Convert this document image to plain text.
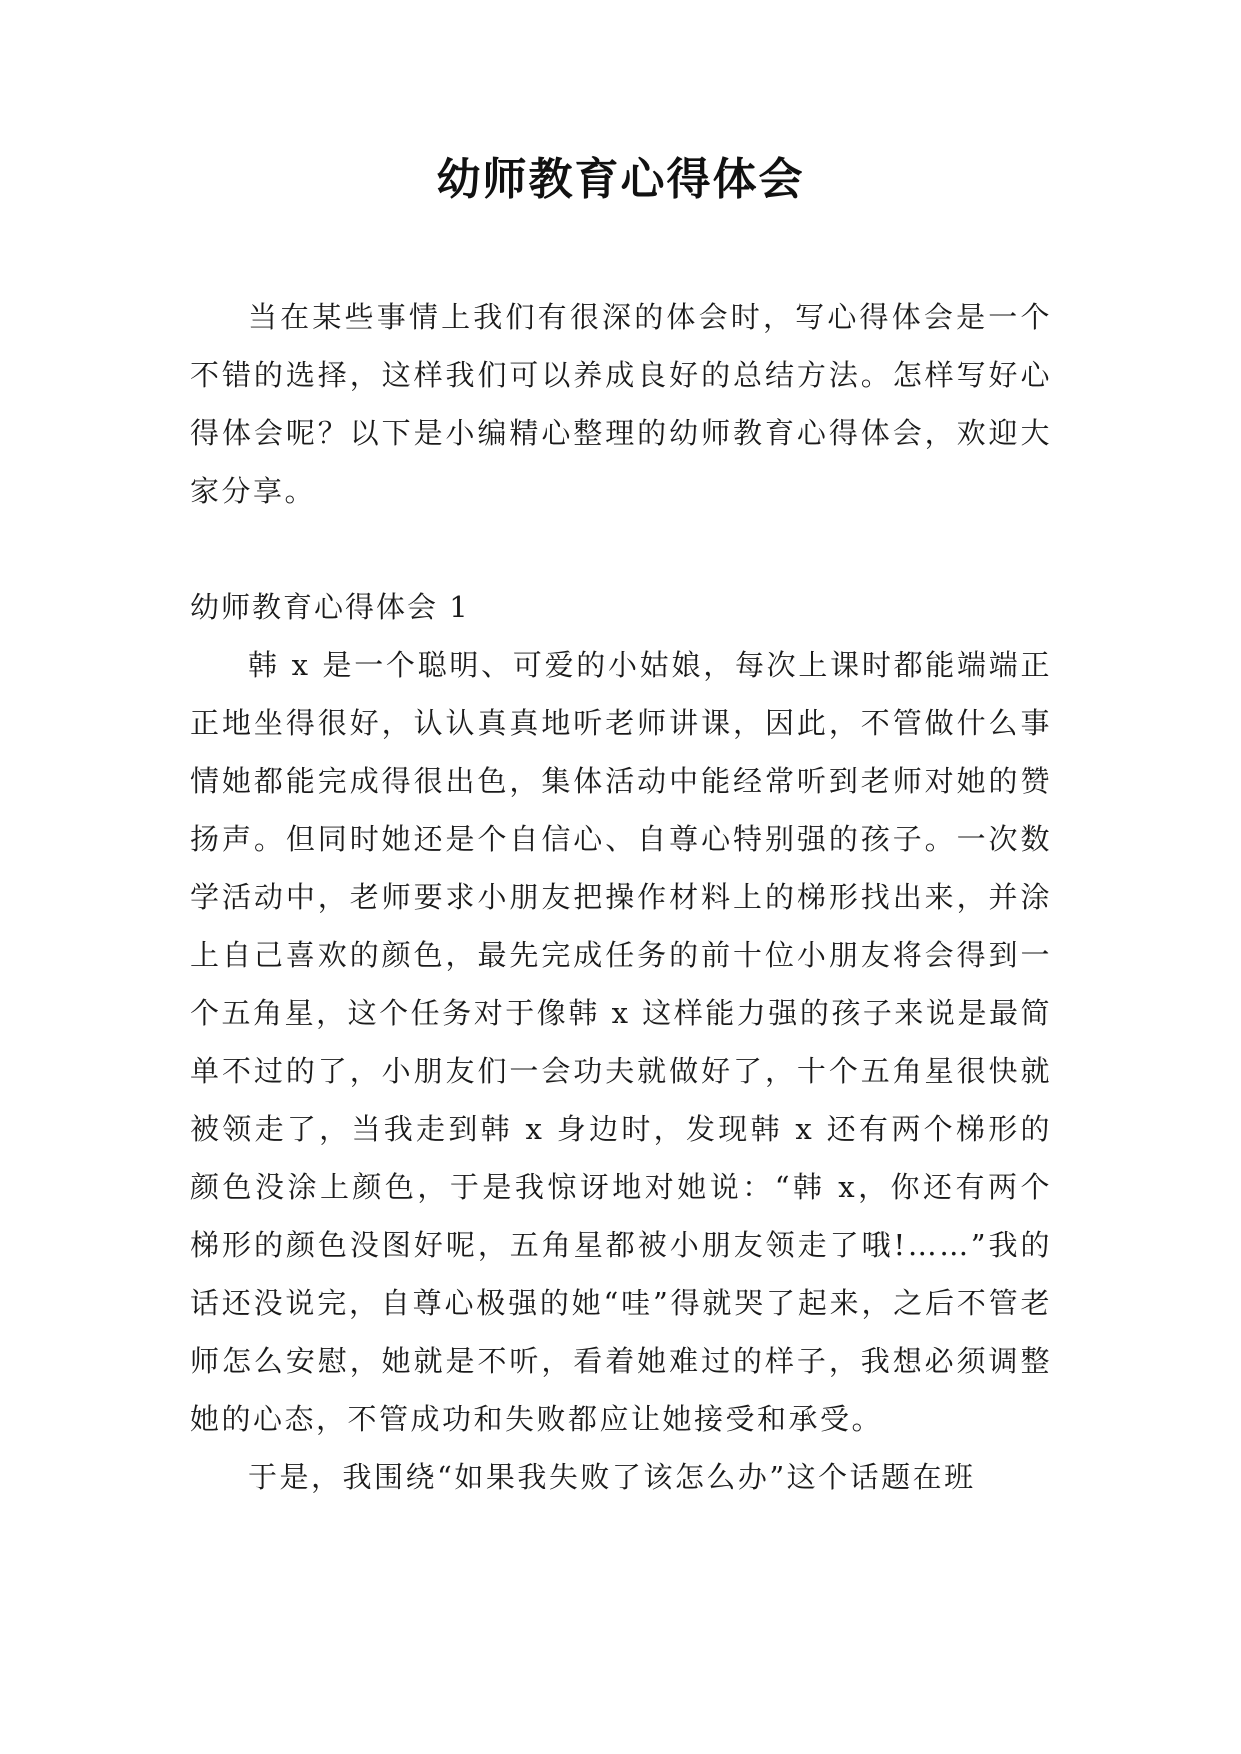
幼师教育心得体会

当在某些事情上我们有很深的体会时，写心得体会是一个不错的选择，这样我们可以养成良好的总结方法。怎样写好心得体会呢？以下是小编精心整理的幼师教育心得体会，欢迎大家分享。

幼师教育心得体会 1

韩 x 是一个聪明、可爱的小姑娘，每次上课时都能端端正正地坐得很好，认认真真地听老师讲课，因此，不管做什么事情她都能完成得很出色，集体活动中能经常听到老师对她的赞扬声。但同时她还是个自信心、自尊心特别强的孩子。一次数学活动中，老师要求小朋友把操作材料上的梯形找出来，并涂上自己喜欢的颜色，最先完成任务的前十位小朋友将会得到一个五角星，这个任务对于像韩 x 这样能力强的孩子来说是最简单不过的了，小朋友们一会功夫就做好了，十个五角星很快就被领走了，当我走到韩 x 身边时，发现韩 x 还有两个梯形的颜色没涂上颜色，于是我惊讶地对她说：“韩 x，你还有两个梯形的颜色没图好呢，五角星都被小朋友领走了哦!……”我的话还没说完，自尊心极强的她“哇”得就哭了起来，之后不管老师怎么安慰，她就是不听，看着她难过的样子，我想必须调整她的心态，不管成功和失败都应让她接受和承受。

于是，我围绕“如果我失败了该怎么办”这个话题在班
